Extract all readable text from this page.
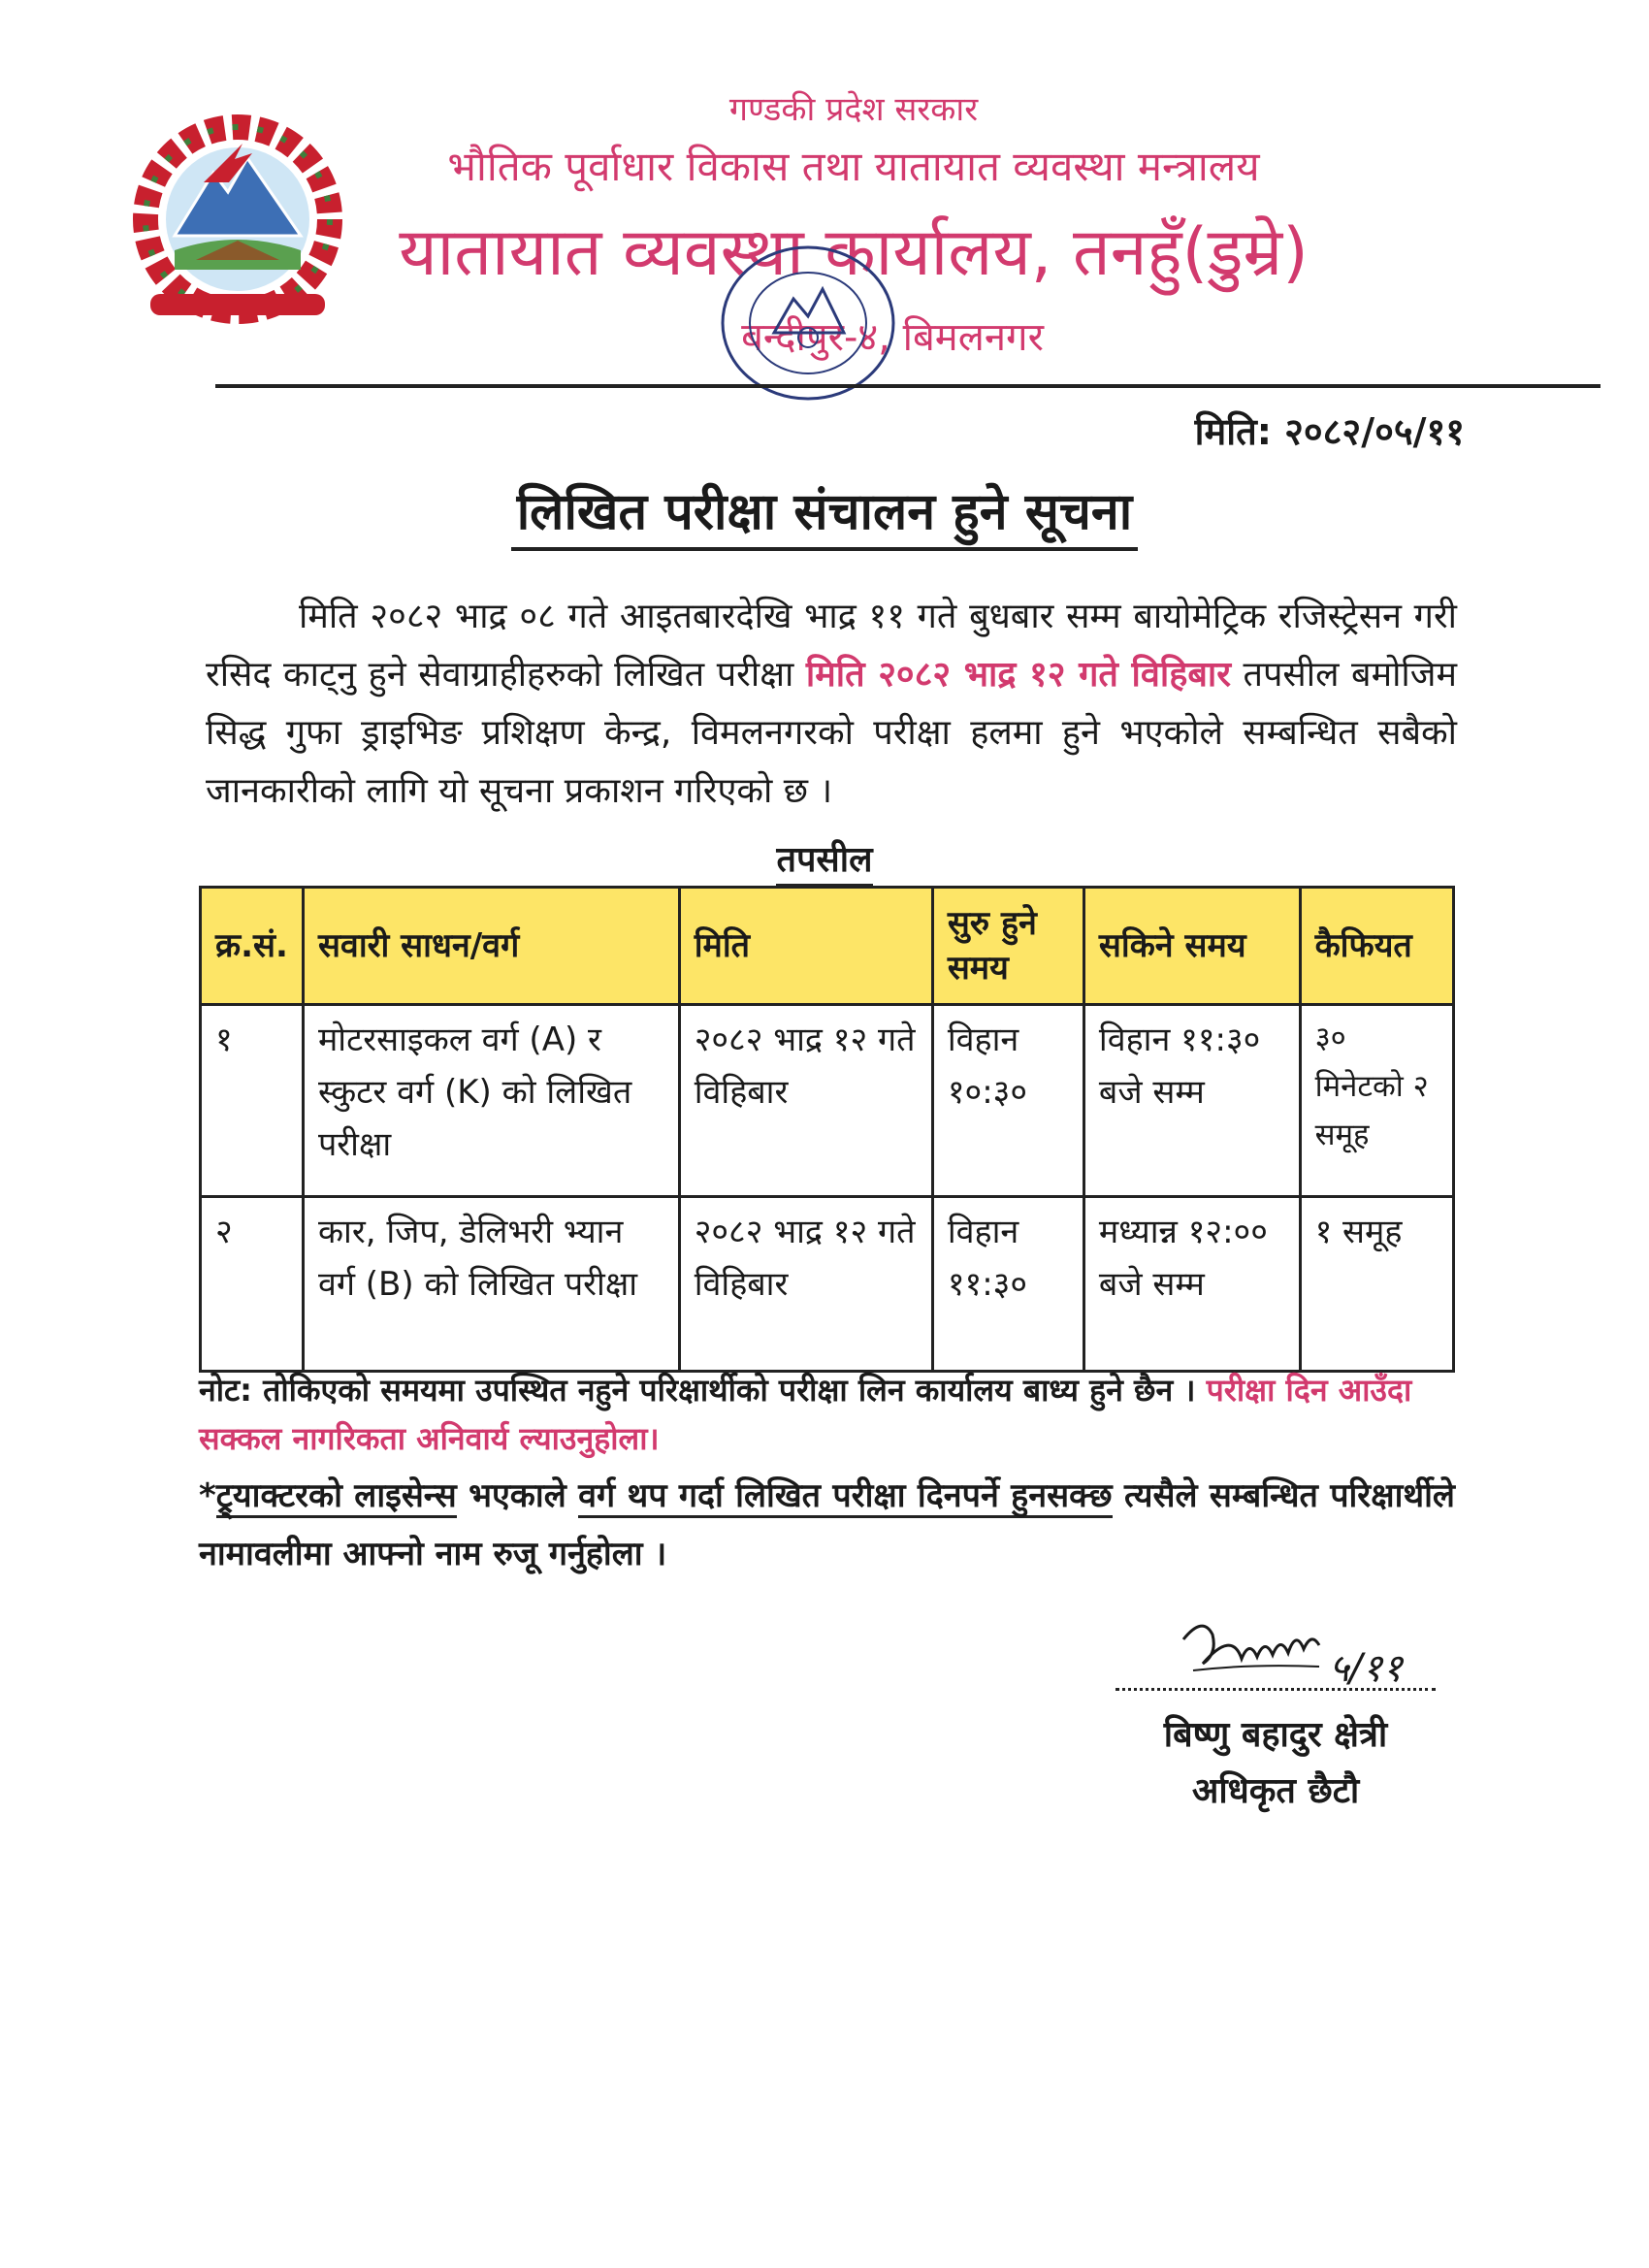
गण्डकी प्रदेश सरकार
भौतिक पूर्वाधार विकास तथा यातायात व्यवस्था मन्त्रालय
यातायात व्यवस्था कार्यालय, तनहुँ(डुम्रे)
बन्दीपुर-४, बिमलनगर
मिति: २०८२/०५/११
लिखित परीक्षा संचालन हुने सूचना

मिति २०८२ भाद्र ०८ गते आइतबारदेखि भाद्र ११ गते बुधबार सम्म बायोमेट्रिक रजिस्ट्रेसन गरी रसिद काट्नु हुने सेवाग्राहीहरुको लिखित परीक्षा मिति २०८२ भाद्र १२ गते विहिबार तपसील बमोजिम सिद्ध गुफा ड्राइभिङ प्रशिक्षण केन्द्र, विमलनगरको परीक्षा हलमा हुने भएकोले सम्बन्धित सबैको जानकारीको लागि यो सूचना प्रकाशन गरिएको छ ।

तपसील
क्र.सं.	सवारी साधन/वर्ग	मिति	सुरु हुने समय	सकिने समय	कैफियत
१	मोटरसाइकल वर्ग (A) र स्कुटर वर्ग (K) को लिखित परीक्षा	२०८२ भाद्र १२ गते विहिबार	विहान १०:३०	विहान ११:३० बजे सम्म	३० मिनेटको २ समूह
२	कार, जिप, डेलिभरी भ्यान वर्ग (B) को लिखित परीक्षा	२०८२ भाद्र १२ गते विहिबार	विहान ११:३०	मध्यान्न १२:०० बजे सम्म	१ समूह
नोट: तोकिएको समयमा उपस्थित नहुने परिक्षार्थीको परीक्षा लिन कार्यालय बाध्य हुने छैन । परीक्षा दिन आउँदा सक्कल नागरिकता अनिवार्य ल्याउनुहोला।
*ट्र्याक्टरको लाइसेन्स भएकाले वर्ग थप गर्दा लिखित परीक्षा दिनपर्ने हुनसक्छ त्यसैले सम्बन्धित परिक्षार्थीले नामावलीमा आफ्नो नाम रुजू गर्नुहोला ।
५/११
बिष्णु बहादुर क्षेत्री
अधिकृत छैटौ
